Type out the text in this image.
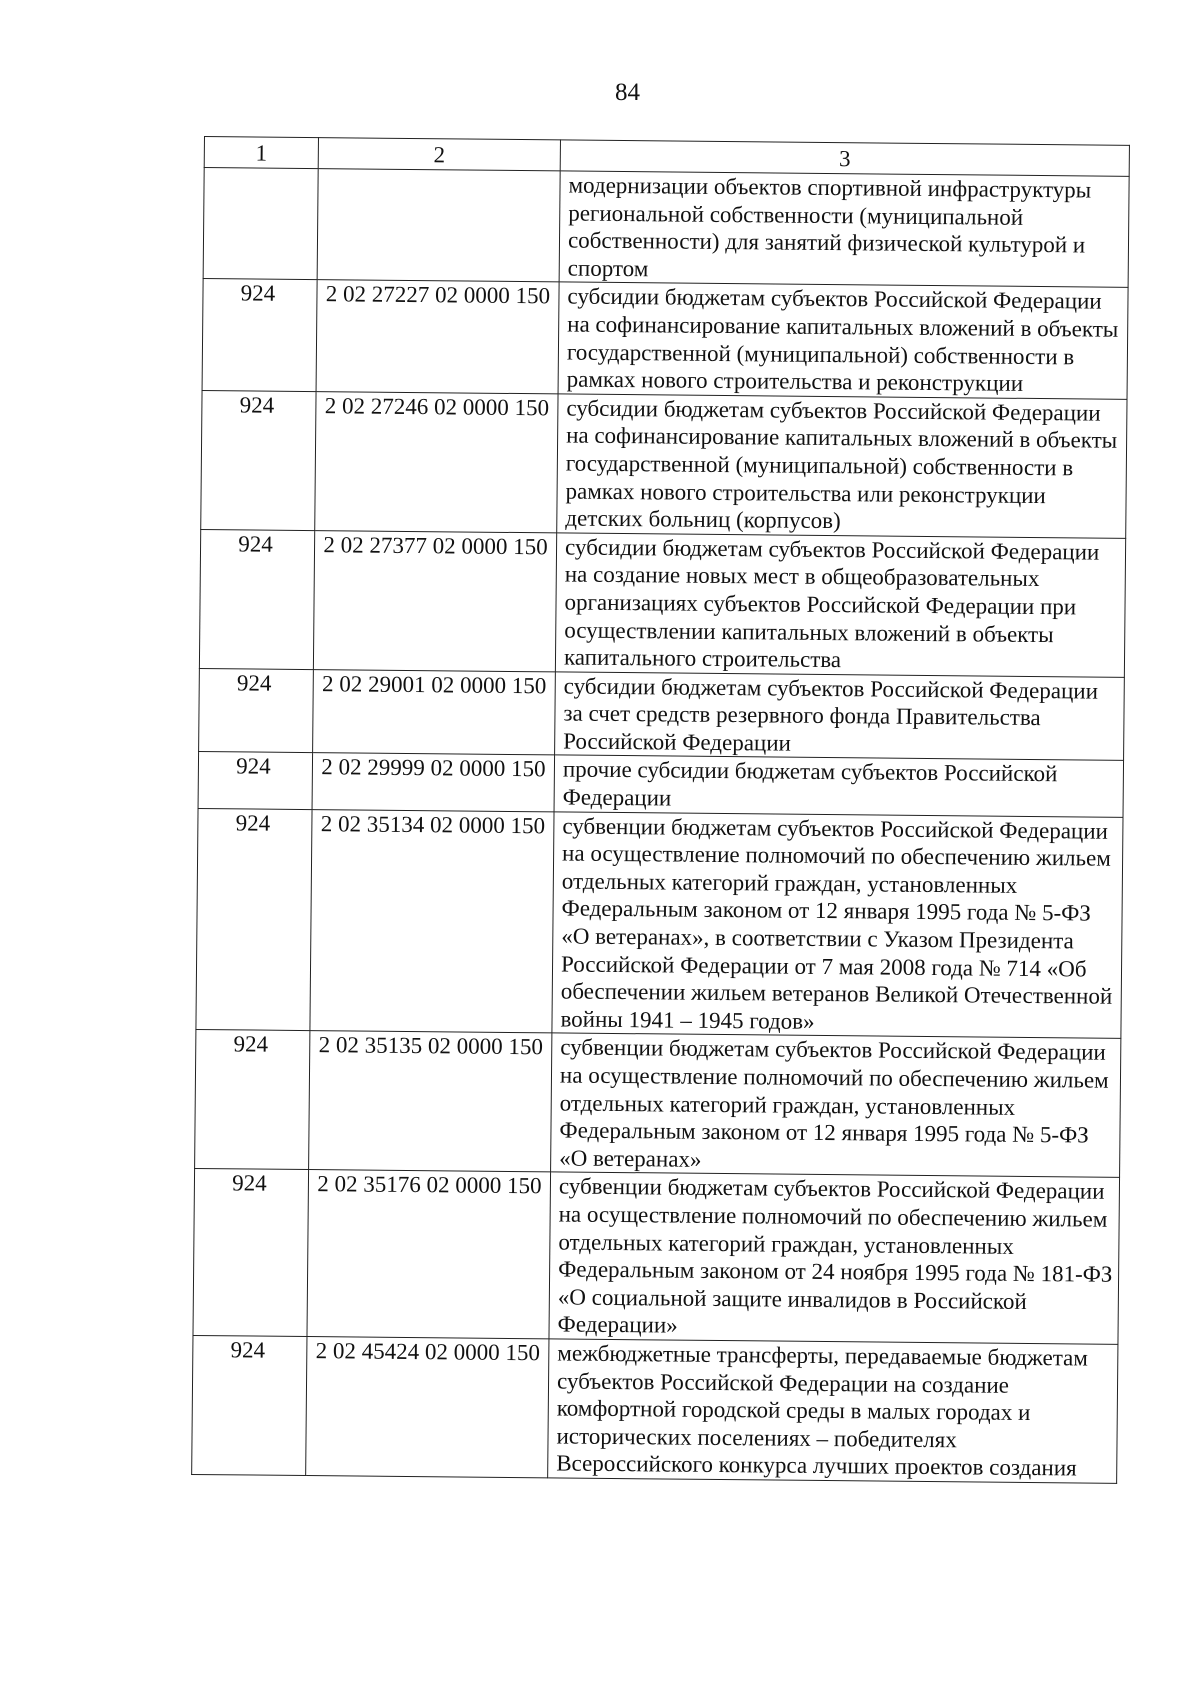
84
1	2	3
		модернизации объектов спортивной инфраструктуры региональной собственности (муниципальной собственности) для занятий физической культурой и спортом
924	2 02 27227 02 0000 150	субсидии бюджетам субъектов Российской Федерации на софинансирование капитальных вложений в объекты государственной (муниципальной) собственности в рамках нового строительства и реконструкции
924	2 02 27246 02 0000 150	субсидии бюджетам субъектов Российской Федерации на софинансирование капитальных вложений в объекты государственной (муниципальной) собственности в рамках нового строительства или реконструкции детских больниц (корпусов)
924	2 02 27377 02 0000 150	субсидии бюджетам субъектов Российской Федерации на создание новых мест в общеобразовательных организациях субъектов Российской Федерации при осуществлении капитальных вложений в объекты капитального строительства
924	2 02 29001 02 0000 150	субсидии бюджетам субъектов Российской Федерации за счет средств резервного фонда Правительства Российской Федерации
924	2 02 29999 02 0000 150	прочие субсидии бюджетам субъектов Российской Федерации
924	2 02 35134 02 0000 150	субвенции бюджетам субъектов Российской Федерации на осуществление полномочий по обеспечению жильем отдельных категорий граждан, установленных Федеральным законом от 12 января 1995 года № 5-ФЗ «О ветеранах», в соответствии с Указом Президента Российской Федерации от 7 мая 2008 года № 714 «Об обеспечении жильем ветеранов Великой Отечественной войны 1941 – 1945 годов»
924	2 02 35135 02 0000 150	субвенции бюджетам субъектов Российской Федерации на осуществление полномочий по обеспечению жильем отдельных категорий граждан, установленных Федеральным законом от 12 января 1995 года № 5-ФЗ «О ветеранах»
924	2 02 35176 02 0000 150	субвенции бюджетам субъектов Российской Федерации на осуществление полномочий по обеспечению жильем отдельных категорий граждан, установленных Федеральным законом от 24 ноября 1995 года № 181-ФЗ «О социальной защите инвалидов в Российской Федерации»
924	2 02 45424 02 0000 150	межбюджетные трансферты, передаваемые бюджетам субъектов Российской Федерации на создание комфортной городской среды в малых городах и исторических поселениях – победителях Всероссийского конкурса лучших проектов создания
